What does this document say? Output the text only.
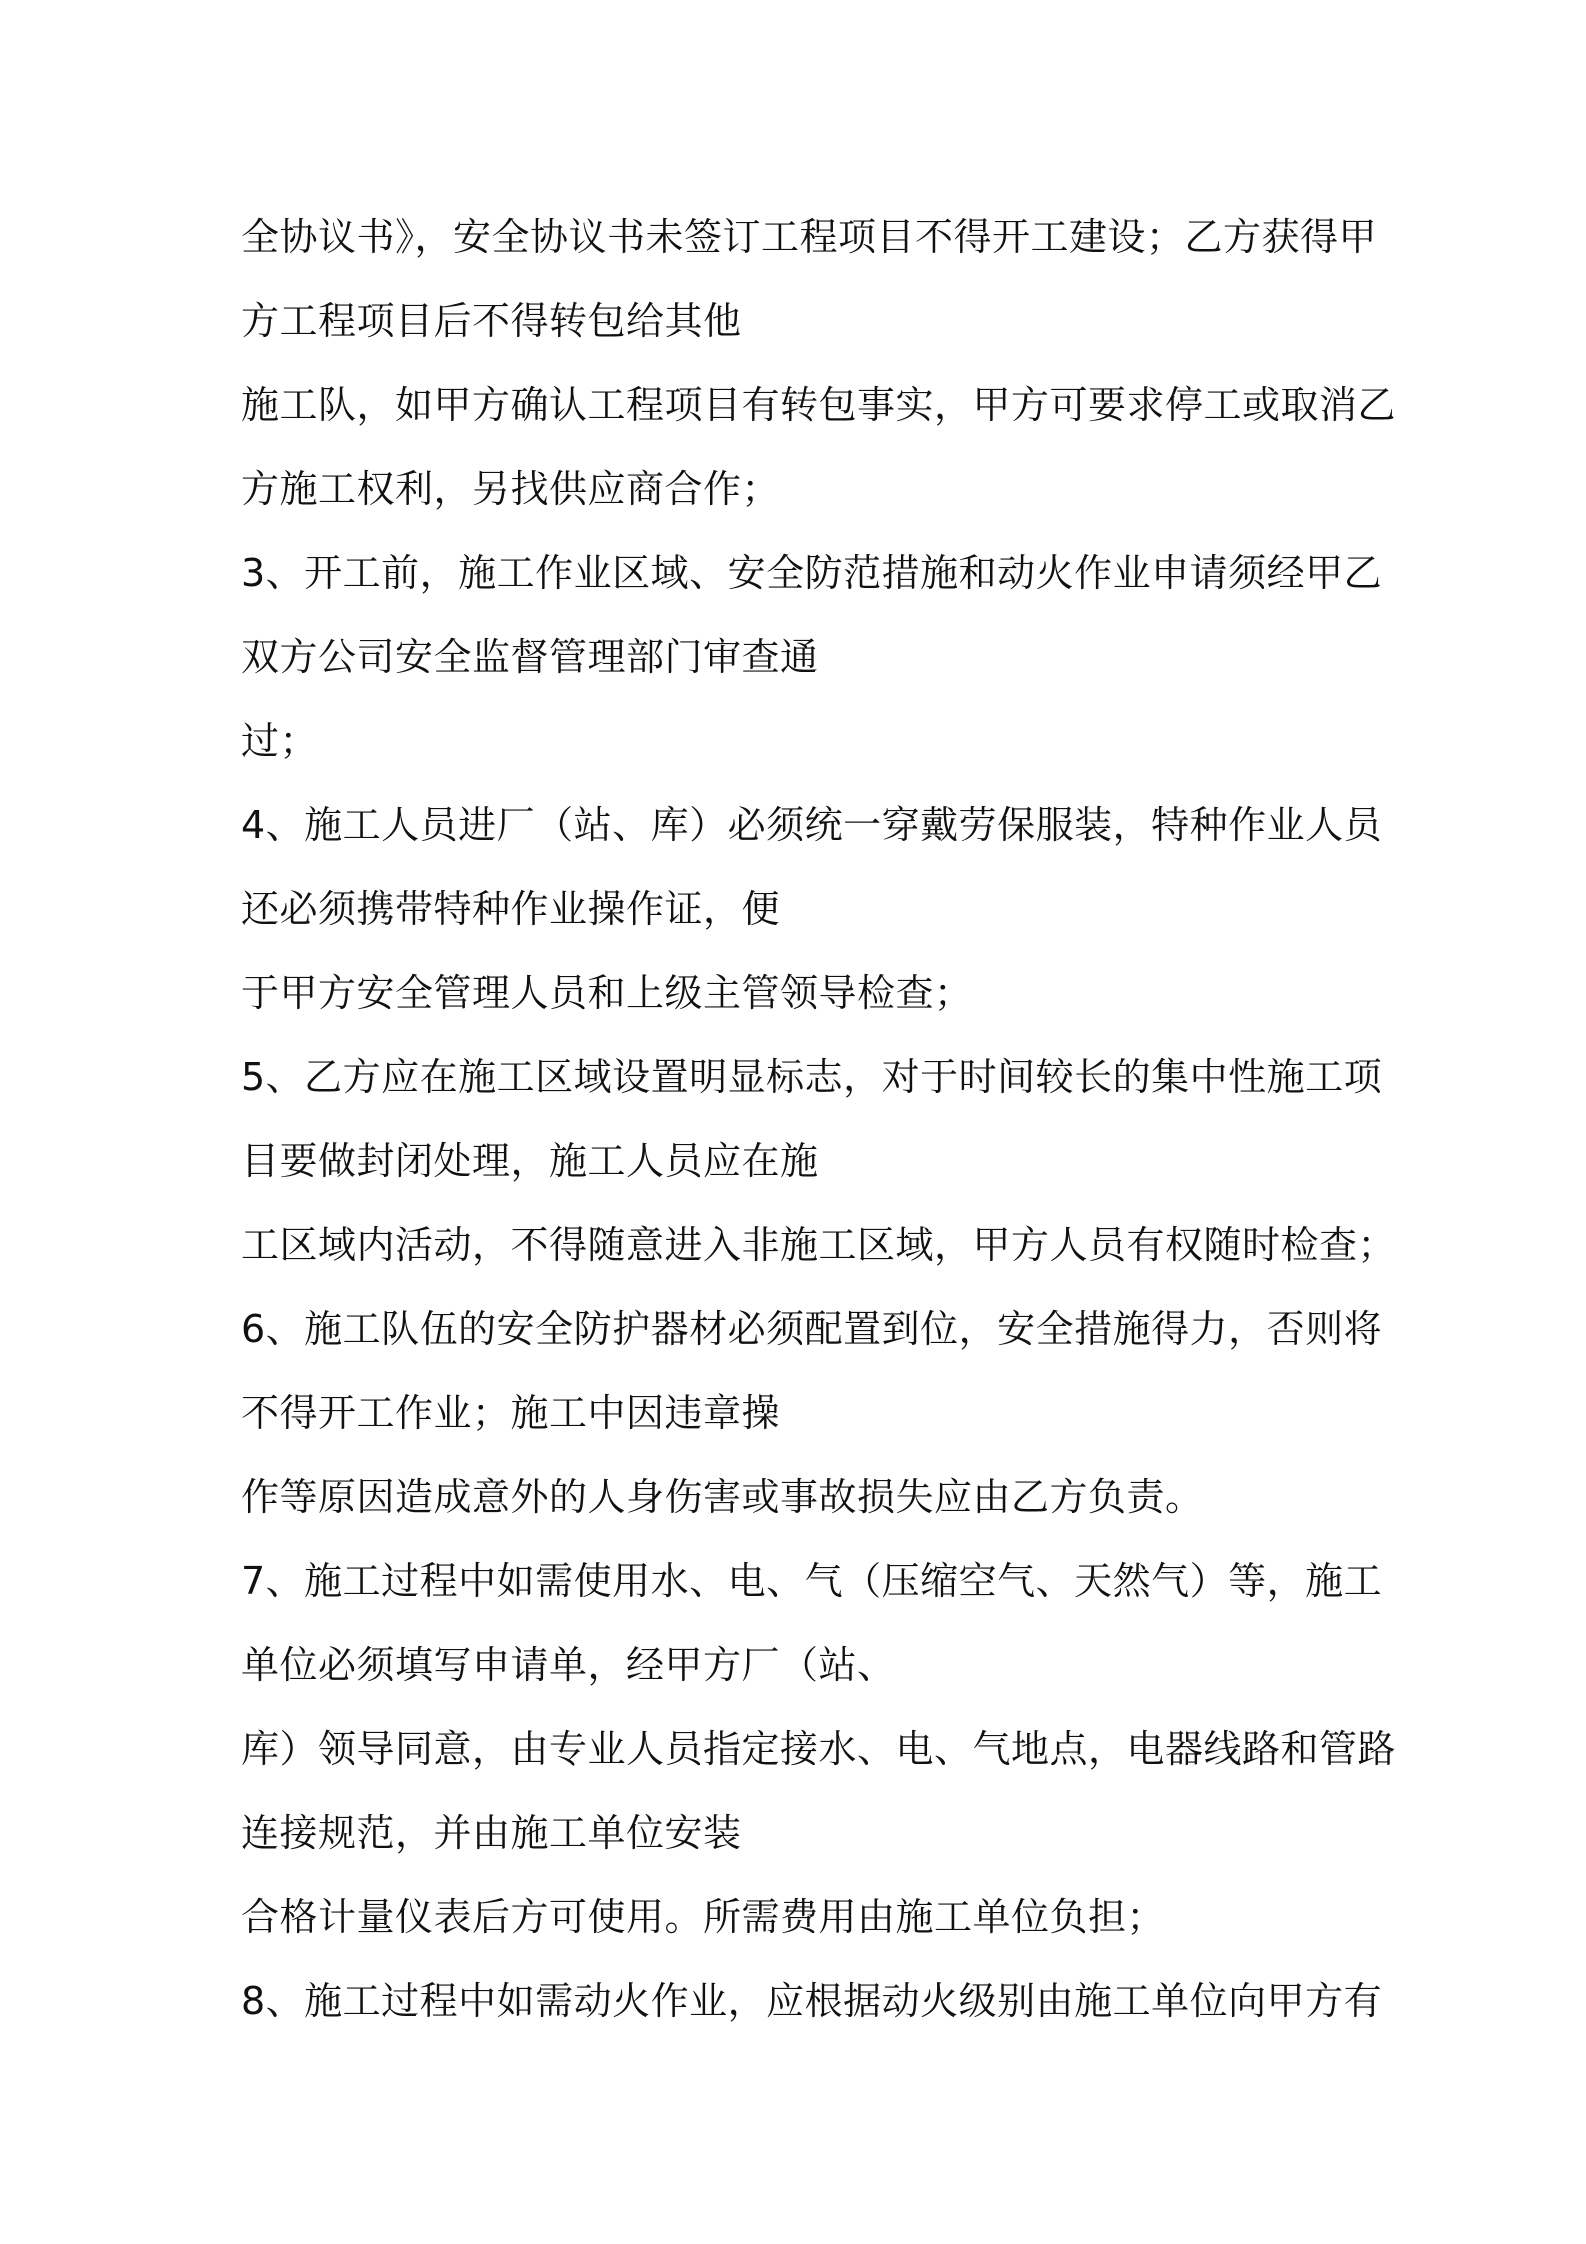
全协议书》，安全协议书未签订工程项目不得开工建设；乙方获得甲
方工程项目后不得转包给其他
施工队，如甲方确认工程项目有转包事实，甲方可要求停工或取消乙
方施工权利，另找供应商合作；
3、开工前，施工作业区域、安全防范措施和动火作业申请须经甲乙
双方公司安全监督管理部门审查通
过；
4、施工人员进厂（站、库）必须统一穿戴劳保服装，特种作业人员
还必须携带特种作业操作证，便
于甲方安全管理人员和上级主管领导检查；
5、乙方应在施工区域设置明显标志，对于时间较长的集中性施工项
目要做封闭处理，施工人员应在施
工区域内活动，不得随意进入非施工区域，甲方人员有权随时检查；
6、施工队伍的安全防护器材必须配置到位，安全措施得力，否则将
不得开工作业；施工中因违章操
作等原因造成意外的人身伤害或事故损失应由乙方负责。
7、施工过程中如需使用水、电、气（压缩空气、天然气）等，施工
单位必须填写申请单，经甲方厂（站、
库）领导同意，由专业人员指定接水、电、气地点，电器线路和管路
连接规范，并由施工单位安装
合格计量仪表后方可使用。所需费用由施工单位负担；
8、施工过程中如需动火作业，应根据动火级别由施工单位向甲方有
